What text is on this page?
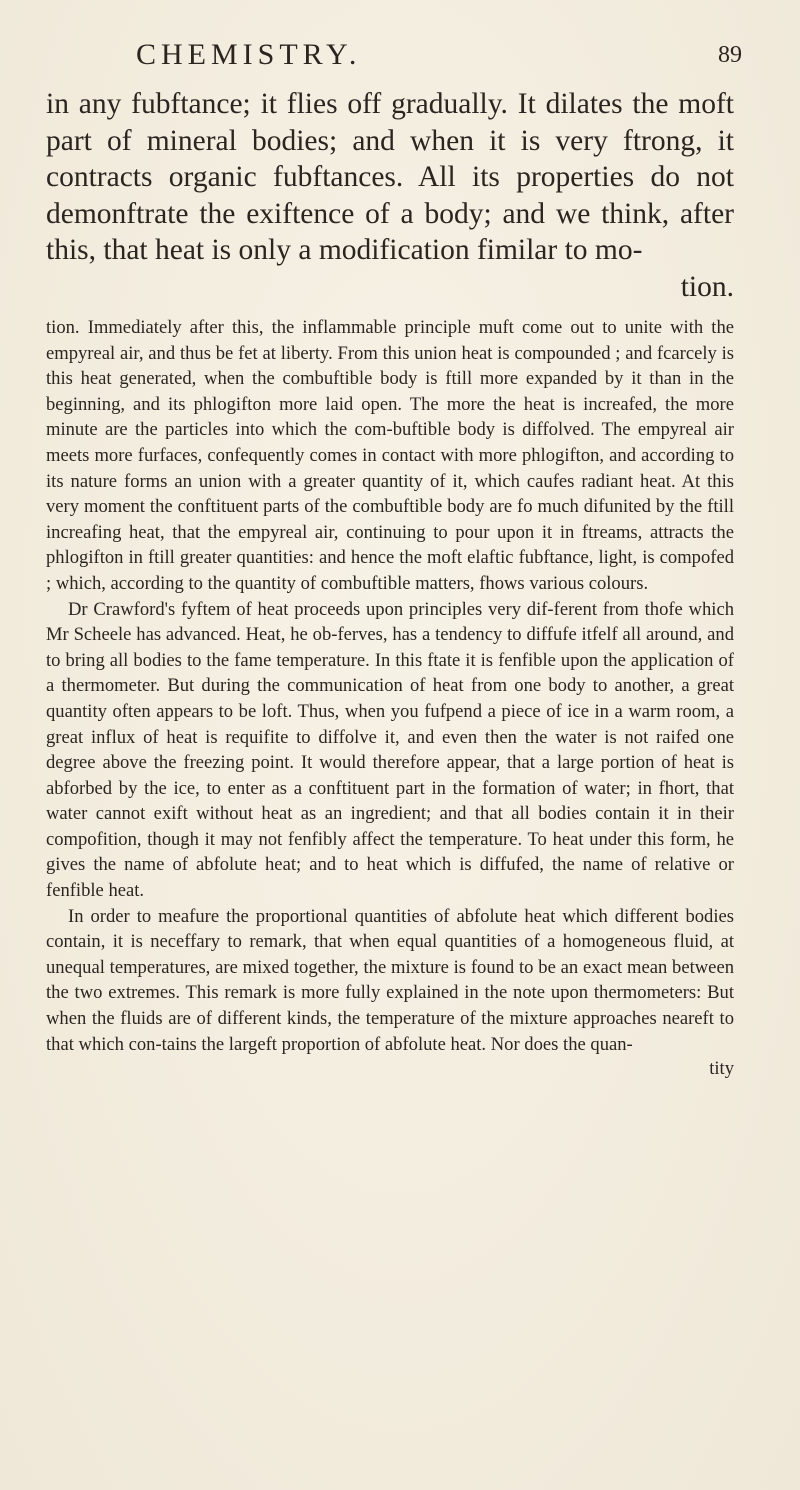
CHEMISTRY.	89

in any fubftance; it flies off gradually. It dilates the moft part of mineral bodies; and when it is very ftrong, it contracts organic fubftances. All its properties do not demonftrate the exiftence of a body; and we think, after this, that heat is only a modification fimilar to mo-
tion.

tion. Immediately after this, the inflammable principle muft come out to unite with the empyreal air, and thus be fet at liberty. From this union heat is compounded ; and fcarcely is this heat generated, when the combuftible body is ftill more expanded by it than in the beginning, and its phlogifton more laid open. The more the heat is increafed, the more minute are the particles into which the com-buftible body is diffolved. The empyreal air meets more furfaces, confequently comes in contact with more phlogifton, and according to its nature forms an union with a greater quantity of it, which caufes radiant heat. At this very moment the conftituent parts of the combuftible body are fo much difunited by the ftill increafing heat, that the empyreal air, continuing to pour upon it in ftreams, attracts the phlogifton in ftill greater quantities: and hence the moft elaftic fubftance, light, is compofed ; which, according to the quantity of combuftible matters, fhows various colours.

Dr Crawford's fyftem of heat proceeds upon principles very dif-ferent from thofe which Mr Scheele has advanced. Heat, he ob-ferves, has a tendency to diffufe itfelf all around, and to bring all bodies to the fame temperature. In this ftate it is fenfible upon the application of a thermometer. But during the communication of heat from one body to another, a great quantity often appears to be loft. Thus, when you fufpend a piece of ice in a warm room, a great influx of heat is requifite to diffolve it, and even then the water is not raifed one degree above the freezing point. It would therefore appear, that a large portion of heat is abforbed by the ice, to enter as a conftituent part in the formation of water; in fhort, that water cannot exift without heat as an ingredient; and that all bodies contain it in their compofition, though it may not fenfibly affect the temperature. To heat under this form, he gives the name of abfolute heat; and to heat which is diffufed, the name of relative or fenfible heat.

In order to meafure the proportional quantities of abfolute heat which different bodies contain, it is neceffary to remark, that when equal quantities of a homogeneous fluid, at unequal temperatures, are mixed together, the mixture is found to be an exact mean between the two extremes. This remark is more fully explained in the note upon thermometers: But when the fluids are of different kinds, the temperature of the mixture approaches neareft to that which con-tains the largeft proportion of abfolute heat. Nor does the quan-

tity
